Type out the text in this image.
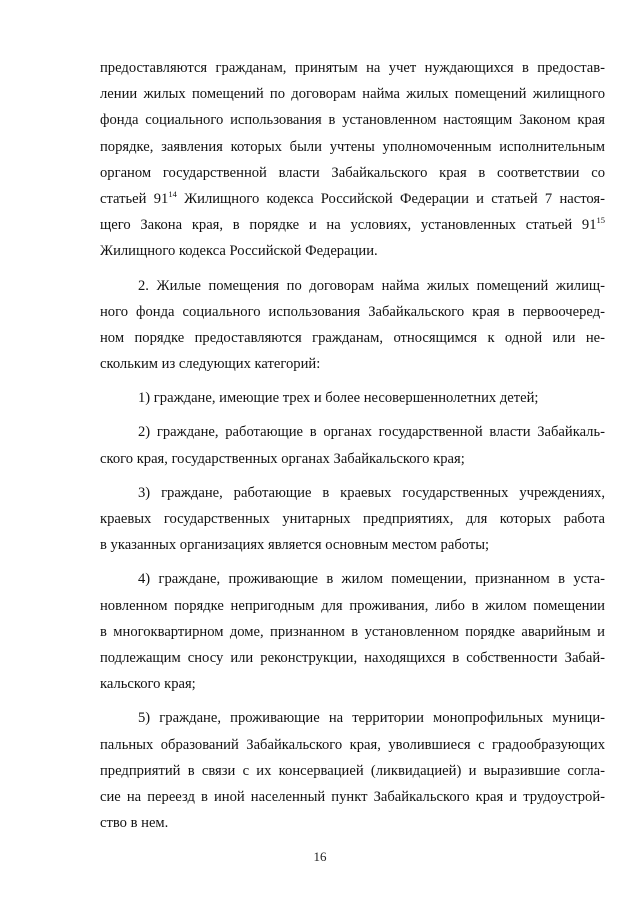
предоставляются гражданам, принятым на учет нуждающихся в предостав-
лении жилых помещений по договорам найма жилых помещений жилищного
фонда социального использования в установленном настоящим Законом края
порядке, заявления которых были учтены уполномоченным исполнительным
органом государственной власти Забайкальского края в соответствии со
статьей $91^{14}$ Жилищного кодекса Российской Федерации и статьей 7 настоя-
щего Закона края, в порядке и на условиях, установленных статьей $91^{15}$
Жилищного кодекса Российской Федерации.
2. Жилые помещения по договорам найма жилых помещений жилищ-
ного фонда социального использования Забайкальского края в первоочеред-
ном порядке предоставляются гражданам, относящимся к одной или не-
скольким из следующих категорий:
1) граждане, имеющие трех и более несовершеннолетних детей;
2) граждане, работающие в органах государственной власти Забайкаль-
ского края, государственных органах Забайкальского края;
3) граждане, работающие в краевых государственных учреждениях,
краевых государственных унитарных предприятиях, для которых работа
в указанных организациях является основным местом работы;
4) граждане, проживающие в жилом помещении, признанном в уста-
новленном порядке непригодным для проживания, либо в жилом помещении
в многоквартирном доме, признанном в установленном порядке аварийным и
подлежащим сносу или реконструкции, находящихся в собственности Забай-
кальского края;
5) граждане, проживающие на территории монопрофильных муници-
пальных образований Забайкальского края, уволившиеся с градообразующих
предприятий в связи с их консервацией (ликвидацией) и выразившие согла-
сие на переезд в иной населенный пункт Забайкальского края и трудоустрой-
ство в нем.
16
